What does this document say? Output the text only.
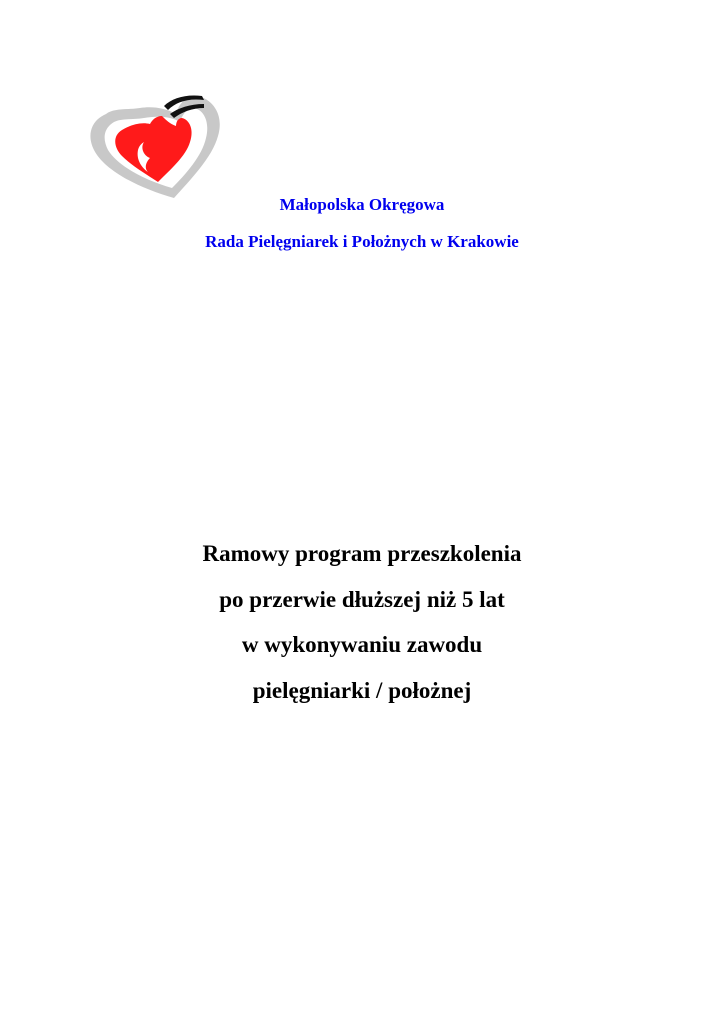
Małopolska Okręgowa

Rada Pielęgniarek i Położnych w Krakowie

Ramowy program przeszkolenia
po przerwie dłuższej niż 5 lat
w wykonywaniu zawodu
pielęgniarki / położnej
